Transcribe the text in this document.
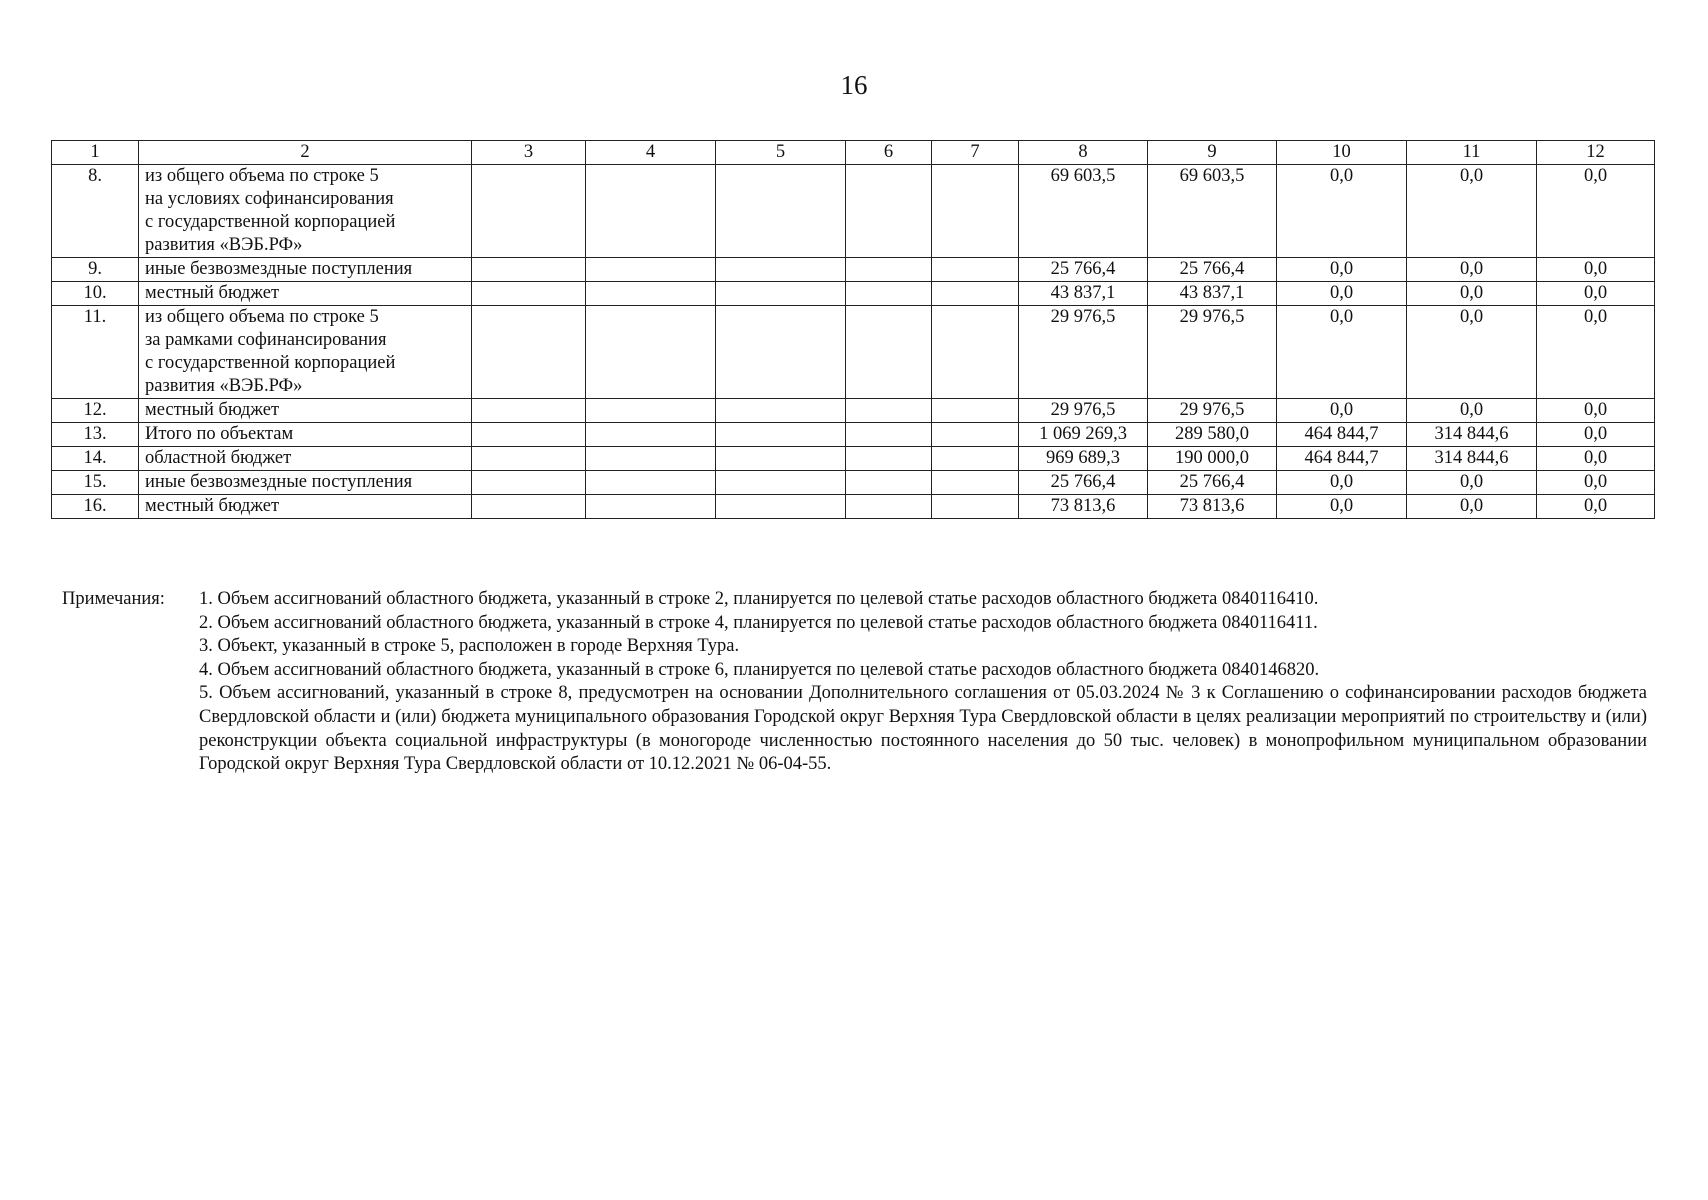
16
1	2	3	4	5	6	7	8	9	10	11	12
8.	из общего объема по строке 5
на условиях софинансирования
с государственной корпорацией
развития «ВЭБ.РФ»						69 603,5	69 603,5	0,0	0,0	0,0
9.	иные безвозмездные поступления						25 766,4	25 766,4	0,0	0,0	0,0
10.	местный бюджет						43 837,1	43 837,1	0,0	0,0	0,0
11.	из общего объема по строке 5
за рамками софинансирования
с государственной корпорацией
развития «ВЭБ.РФ»						29 976,5	29 976,5	0,0	0,0	0,0
12.	местный бюджет						29 976,5	29 976,5	0,0	0,0	0,0
13.	Итого по объектам						1 069 269,3	289 580,0	464 844,7	314 844,6	0,0
14.	областной бюджет						969 689,3	190 000,0	464 844,7	314 844,6	0,0
15.	иные безвозмездные поступления						25 766,4	25 766,4	0,0	0,0	0,0
16.	местный бюджет						73 813,6	73 813,6	0,0	0,0	0,0
Примечания: 1. Объем ассигнований областного бюджета, указанный в строке 2, планируется по целевой статье расходов областного бюджета 0840116410.
2. Объем ассигнований областного бюджета, указанный в строке 4, планируется по целевой статье расходов областного бюджета 0840116411.
3. Объект, указанный в строке 5, расположен в городе Верхняя Тура.
4. Объем ассигнований областного бюджета, указанный в строке 6, планируется по целевой статье расходов областного бюджета 0840146820.
5. Объем ассигнований, указанный в строке 8, предусмотрен на основании Дополнительного соглашения от 05.03.2024 № 3 к Соглашению о софинансировании расходов бюджета Свердловской области и (или) бюджета муниципального образования Городской округ Верхняя Тура Свердловской области в целях реализации мероприятий по строительству и (или) реконструкции объекта социальной инфраструктуры (в моногороде численностью постоянного населения до 50 тыс. человек) в монопрофильном муниципальном образовании Городской округ Верхняя Тура Свердловской области от 10.12.2021 № 06-04-55.
